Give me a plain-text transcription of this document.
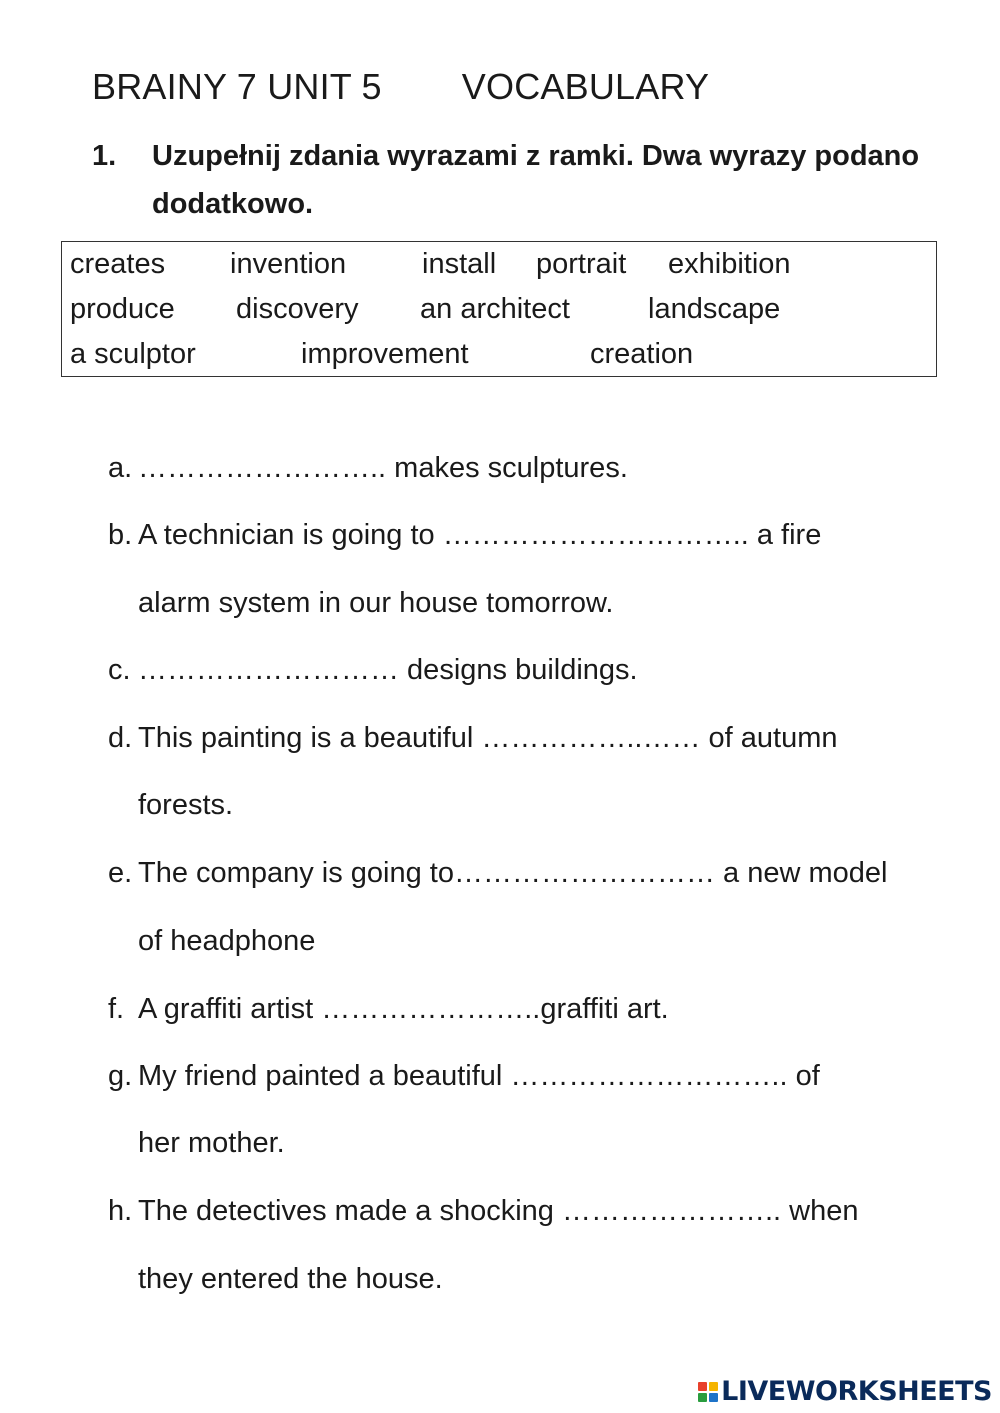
BRAINY 7 UNIT 5 VOCABULARY
1. Uzupełnij zdania wyrazami z ramki. Dwa wyrazy podano dodatkowo.
creates invention	install portrait exhibition
produce discovery an architect	landscape
a sculptor	improvement	creation
a. …………………….. makes sculptures.
b. A technician is going to ………………………….. a fire
alarm system in our house tomorrow.
c. ……………………… designs buildings.
d. This painting is a beautiful ……………..…… of autumn
forests.
e. The company is going to……………………… a new model
of headphone
f. A graffiti artist …………………..graffiti art.
g. My friend painted a beautiful ……………………….. of
her mother.
h. The detectives made a shocking ………………….. when
they entered the house.
LIVEWORKSHEETS
